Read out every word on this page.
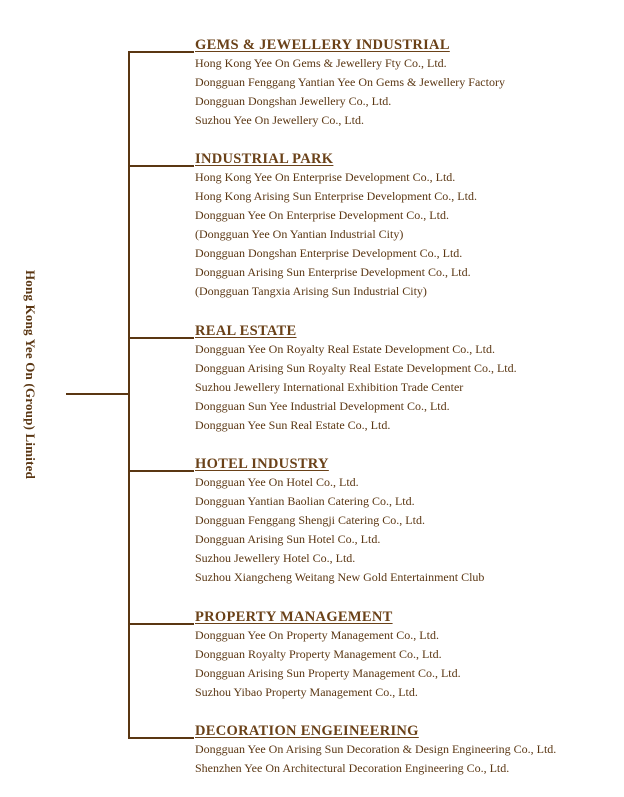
Hong Kong Yee On (Group) Limited
GEMS & JEWELLERY INDUSTRIAL
Hong Kong Yee On Gems & Jewellery Fty Co., Ltd.
Dongguan Fenggang Yantian Yee On Gems & Jewellery Factory
Dongguan Dongshan Jewellery Co., Ltd.
Suzhou Yee On Jewellery Co., Ltd.
INDUSTRIAL PARK
Hong Kong Yee On Enterprise Development Co., Ltd.
Hong Kong Arising Sun Enterprise Development Co., Ltd.
Dongguan Yee On Enterprise Development Co., Ltd.
(Dongguan Yee On Yantian Industrial City)
Dongguan Dongshan Enterprise Development Co., Ltd.
Dongguan Arising Sun Enterprise Development Co., Ltd.
(Dongguan Tangxia Arising Sun Industrial City)
REAL ESTATE
Dongguan Yee On Royalty Real Estate Development Co., Ltd.
Dongguan Arising Sun Royalty Real Estate Development Co., Ltd.
Suzhou Jewellery International Exhibition Trade Center
Dongguan Sun Yee Industrial Development Co., Ltd.
Dongguan Yee Sun Real Estate Co., Ltd.
HOTEL INDUSTRY
Dongguan Yee On Hotel Co., Ltd.
Dongguan Yantian Baolian Catering Co., Ltd.
Dongguan Fenggang Shengji Catering Co., Ltd.
Dongguan Arising Sun Hotel Co., Ltd.
Suzhou Jewellery Hotel Co., Ltd.
Suzhou Xiangcheng Weitang New Gold Entertainment Club
PROPERTY MANAGEMENT
Dongguan Yee On Property Management Co., Ltd.
Dongguan Royalty Property Management Co., Ltd.
Dongguan Arising Sun Property Management Co., Ltd.
Suzhou Yibao Property Management Co., Ltd.
DECORATION ENGEINEERING
Dongguan Yee On Arising Sun Decoration & Design Engineering Co., Ltd.
Shenzhen Yee On Architectural Decoration Engineering Co., Ltd.
